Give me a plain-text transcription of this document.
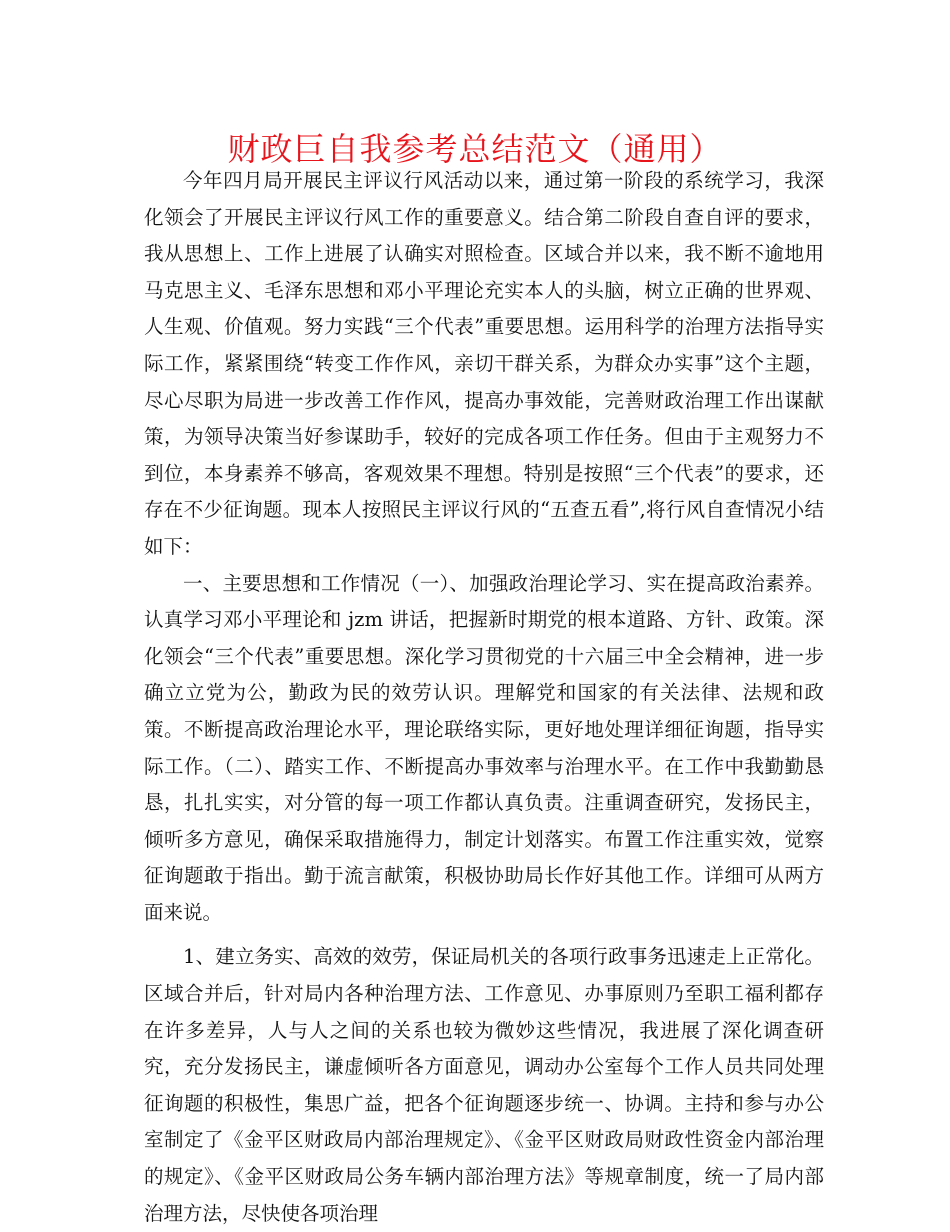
财政巨自我参考总结范文（通用）

今年四月局开展民主评议行风活动以来，通过第一阶段的系统学习，我深化领会了开展民主评议行风工作的重要意义。结合第二阶段自查自评的要求，我从思想上、工作上进展了认确实对照检查。区域合并以来，我不断不逾地用马克思主义、毛泽东思想和邓小平理论充实本人的头脑，树立正确的世界观、人生观、价值观。努力实践“三个代表”重要思想。运用科学的治理方法指导实际工作，紧紧围绕“转变工作作风，亲切干群关系，为群众办实事”这个主题，尽心尽职为局进一步改善工作作风，提高办事效能，完善财政治理工作出谋献策，为领导决策当好参谋助手，较好的完成各项工作任务。但由于主观努力不到位，本身素养不够高，客观效果不理想。特别是按照“三个代表”的要求，还存在不少征询题。现本人按照民主评议行风的“五查五看”,将行风自查情况小结如下：

一、主要思想和工作情况（一）、加强政治理论学习、实在提高政治素养。认真学习邓小平理论和 jzm 讲话，把握新时期党的根本道路、方针、政策。深化领会“三个代表”重要思想。深化学习贯彻党的十六届三中全会精神，进一步确立立党为公，勤政为民的效劳认识。理解党和国家的有关法律、法规和政策。不断提高政治理论水平，理论联络实际，更好地处理详细征询题，指导实际工作。（二）、踏实工作、不断提高办事效率与治理水平。在工作中我勤勤恳恳，扎扎实实，对分管的每一项工作都认真负责。注重调查研究，发扬民主，倾听多方意见，确保采取措施得力，制定计划落实。布置工作注重实效，觉察征询题敢于指出。勤于流言献策，积极协助局长作好其他工作。详细可从两方面来说。

1、建立务实、高效的效劳，保证局机关的各项行政事务迅速走上正常化。区域合并后，针对局内各种治理方法、工作意见、办事原则乃至职工福利都存在许多差异，人与人之间的关系也较为微妙这些情况，我进展了深化调查研究，充分发扬民主，谦虚倾听各方面意见，调动办公室每个工作人员共同处理征询题的积极性，集思广益，把各个征询题逐步统一、协调。主持和参与办公室制定了《金平区财政局内部治理规定》、《金平区财政局财政性资金内部治理的规定》、《金平区财政局公务车辆内部治理方法》等规章制度，统一了局内部治理方法，尽快使各项治理
